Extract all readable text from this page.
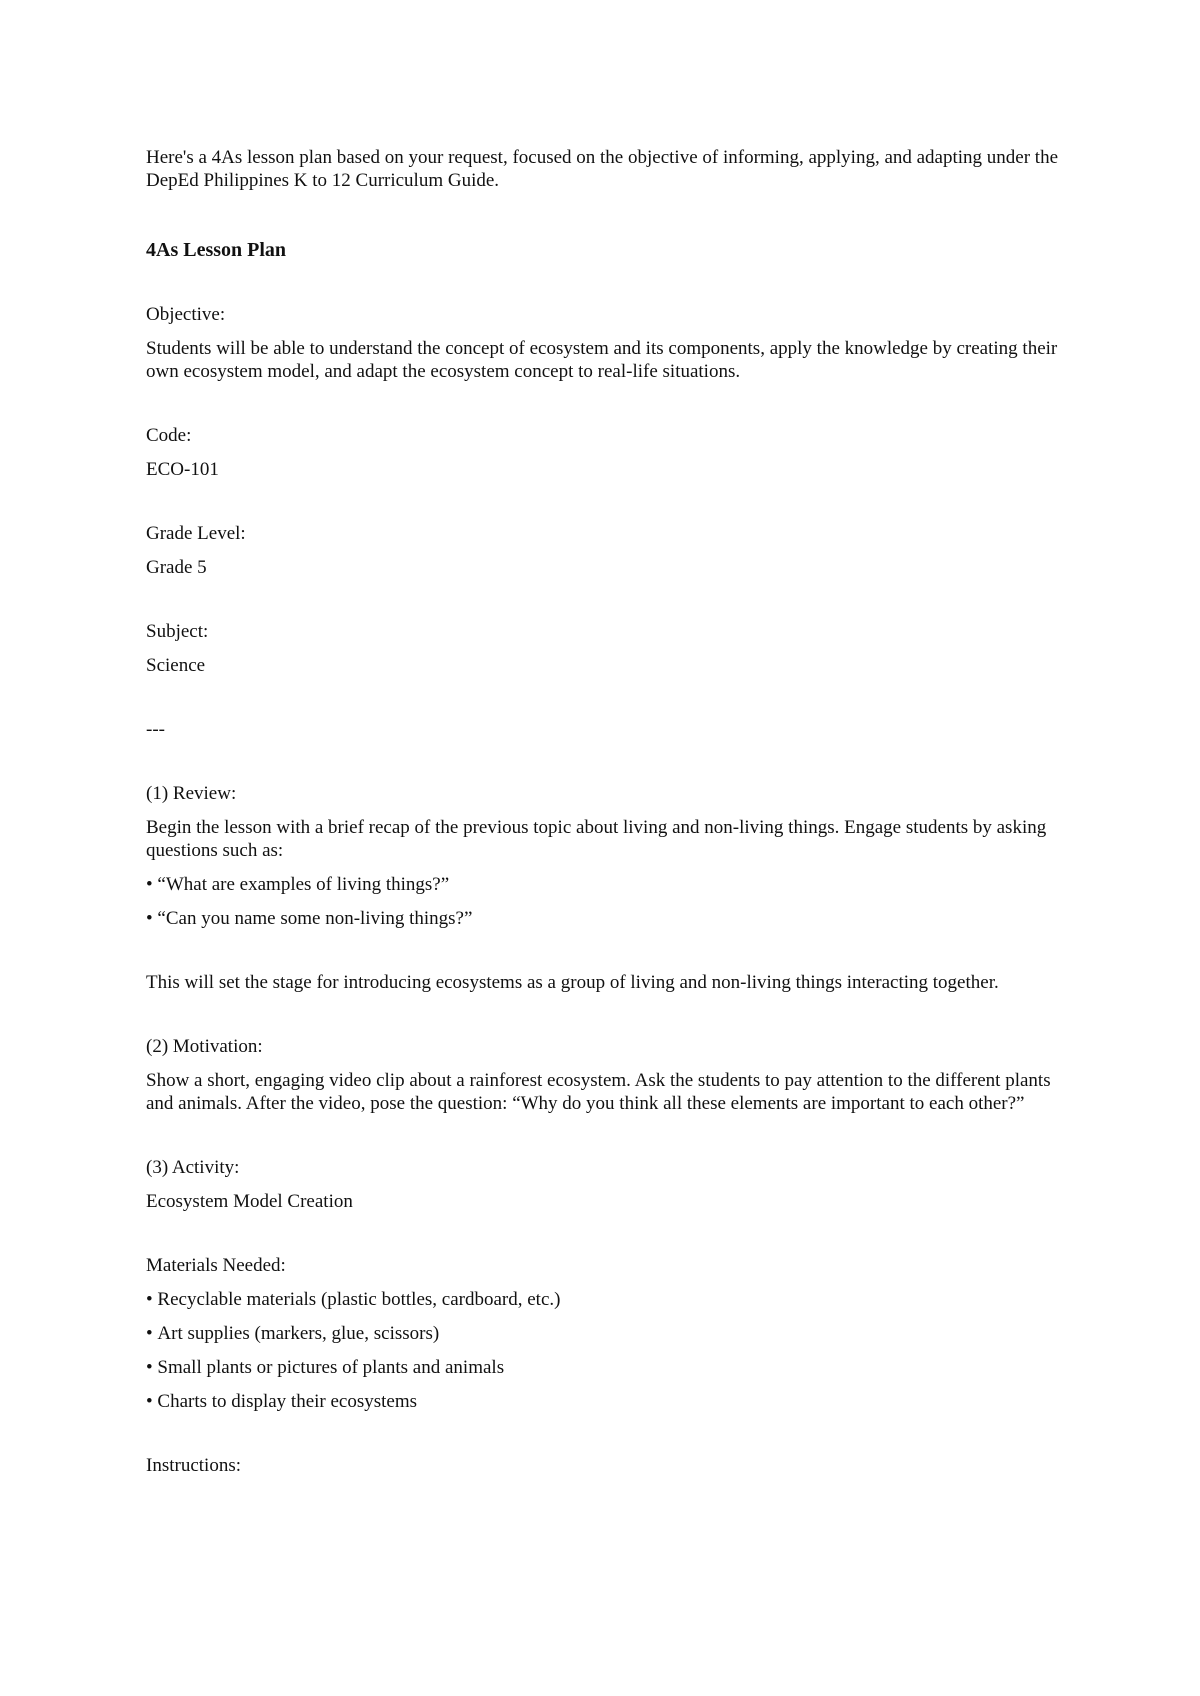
Here's a 4As lesson plan based on your request, focused on the objective of informing, applying, and adapting under the DepEd Philippines K to 12 Curriculum Guide.

4As Lesson Plan

Objective:

Students will be able to understand the concept of ecosystem and its components, apply the knowledge by creating their own ecosystem model, and adapt the ecosystem concept to real-life situations.

Code:

ECO-101

Grade Level:

Grade 5

Subject:

Science

---

(1) Review:

Begin the lesson with a brief recap of the previous topic about living and non-living things. Engage students by asking questions such as:

• “What are examples of living things?”

• “Can you name some non-living things?”

This will set the stage for introducing ecosystems as a group of living and non-living things interacting together.

(2) Motivation:

Show a short, engaging video clip about a rainforest ecosystem. Ask the students to pay attention to the different plants and animals. After the video, pose the question: “Why do you think all these elements are important to each other?”

(3) Activity:

Ecosystem Model Creation

Materials Needed:

• Recyclable materials (plastic bottles, cardboard, etc.)

• Art supplies (markers, glue, scissors)

• Small plants or pictures of plants and animals

• Charts to display their ecosystems

Instructions:
